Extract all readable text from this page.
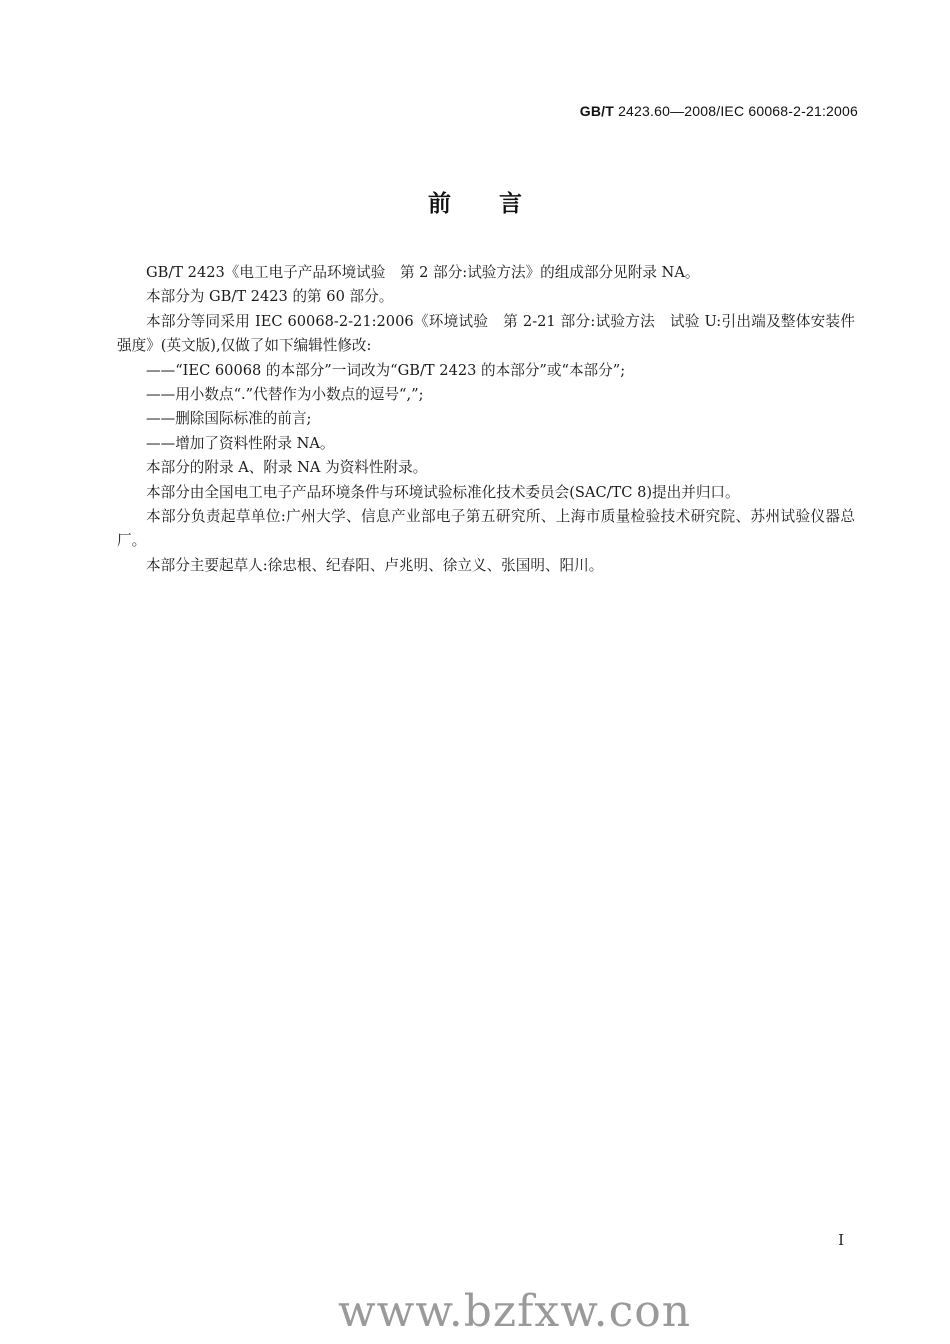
GB/T 2423.60—2008/IEC 60068-2-21:2006
前言

GB/T 2423《电工电子产品环境试验　第 2 部分:试验方法》的组成部分见附录 NA。

本部分为 GB/T 2423 的第 60 部分。

本部分等同采用 IEC 60068-2-21:2006《环境试验　第 2-21 部分:试验方法　试验 U:引出端及整体安装件强度》(英文版),仅做了如下编辑性修改:

——“IEC 60068 的本部分”一词改为“GB/T 2423 的本部分”或“本部分”;

——用小数点“.”代替作为小数点的逗号“,”;

——删除国际标准的前言;

——增加了资料性附录 NA。

本部分的附录 A、附录 NA 为资料性附录。

本部分由全国电工电子产品环境条件与环境试验标准化技术委员会(SAC/TC 8)提出并归口。

本部分负责起草单位:广州大学、信息产业部电子第五研究所、上海市质量检验技术研究院、苏州试验仪器总厂。

本部分主要起草人:徐忠根、纪春阳、卢兆明、徐立义、张国明、阳川。

I
www.bzfxw.con
